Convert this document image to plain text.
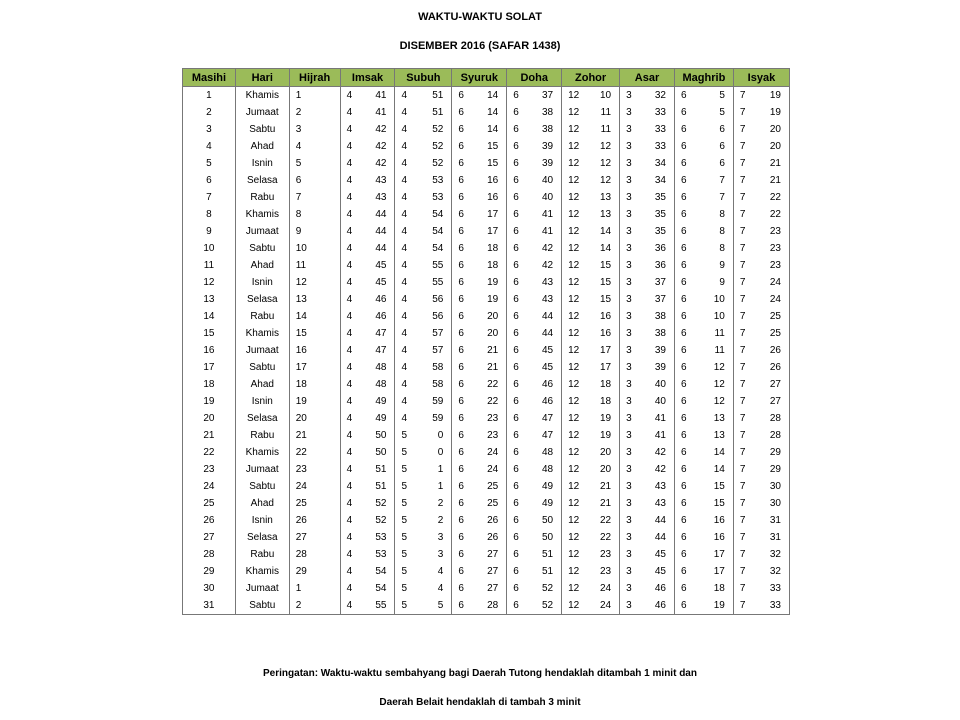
WAKTU-WAKTU SOLAT
DISEMBER 2016 (SAFAR 1438)
Masihi	Hari	Hijrah	Imsak		Subuh		Syuruk		Doha		Zohor		Asar		Maghrib		Isyak	
1	Khamis	1	4	41	4	51	6	14	6	37	12	10	3	32	6	5	7	19
2	Jumaat	2	4	41	4	51	6	14	6	38	12	11	3	33	6	5	7	19
3	Sabtu	3	4	42	4	52	6	14	6	38	12	11	3	33	6	6	7	20
4	Ahad	4	4	42	4	52	6	15	6	39	12	12	3	33	6	6	7	20
5	Isnin	5	4	42	4	52	6	15	6	39	12	12	3	34	6	6	7	21
6	Selasa	6	4	43	4	53	6	16	6	40	12	12	3	34	6	7	7	21
7	Rabu	7	4	43	4	53	6	16	6	40	12	13	3	35	6	7	7	22
8	Khamis	8	4	44	4	54	6	17	6	41	12	13	3	35	6	8	7	22
9	Jumaat	9	4	44	4	54	6	17	6	41	12	14	3	35	6	8	7	23
10	Sabtu	10	4	44	4	54	6	18	6	42	12	14	3	36	6	8	7	23
11	Ahad	11	4	45	4	55	6	18	6	42	12	15	3	36	6	9	7	23
12	Isnin	12	4	45	4	55	6	19	6	43	12	15	3	37	6	9	7	24
13	Selasa	13	4	46	4	56	6	19	6	43	12	15	3	37	6	10	7	24
14	Rabu	14	4	46	4	56	6	20	6	44	12	16	3	38	6	10	7	25
15	Khamis	15	4	47	4	57	6	20	6	44	12	16	3	38	6	11	7	25
16	Jumaat	16	4	47	4	57	6	21	6	45	12	17	3	39	6	11	7	26
17	Sabtu	17	4	48	4	58	6	21	6	45	12	17	3	39	6	12	7	26
18	Ahad	18	4	48	4	58	6	22	6	46	12	18	3	40	6	12	7	27
19	Isnin	19	4	49	4	59	6	22	6	46	12	18	3	40	6	12	7	27
20	Selasa	20	4	49	4	59	6	23	6	47	12	19	3	41	6	13	7	28
21	Rabu	21	4	50	5	0	6	23	6	47	12	19	3	41	6	13	7	28
22	Khamis	22	4	50	5	0	6	24	6	48	12	20	3	42	6	14	7	29
23	Jumaat	23	4	51	5	1	6	24	6	48	12	20	3	42	6	14	7	29
24	Sabtu	24	4	51	5	1	6	25	6	49	12	21	3	43	6	15	7	30
25	Ahad	25	4	52	5	2	6	25	6	49	12	21	3	43	6	15	7	30
26	Isnin	26	4	52	5	2	6	26	6	50	12	22	3	44	6	16	7	31
27	Selasa	27	4	53	5	3	6	26	6	50	12	22	3	44	6	16	7	31
28	Rabu	28	4	53	5	3	6	27	6	51	12	23	3	45	6	17	7	32
29	Khamis	29	4	54	5	4	6	27	6	51	12	23	3	45	6	17	7	32
30	Jumaat	1	4	54	5	4	6	27	6	52	12	24	3	46	6	18	7	33
31	Sabtu	2	4	55	5	5	6	28	6	52	12	24	3	46	6	19	7	33
Peringatan: Waktu-waktu sembahyang bagi Daerah Tutong hendaklah ditambah 1 minit dan
Daerah Belait hendaklah di tambah 3 minit
